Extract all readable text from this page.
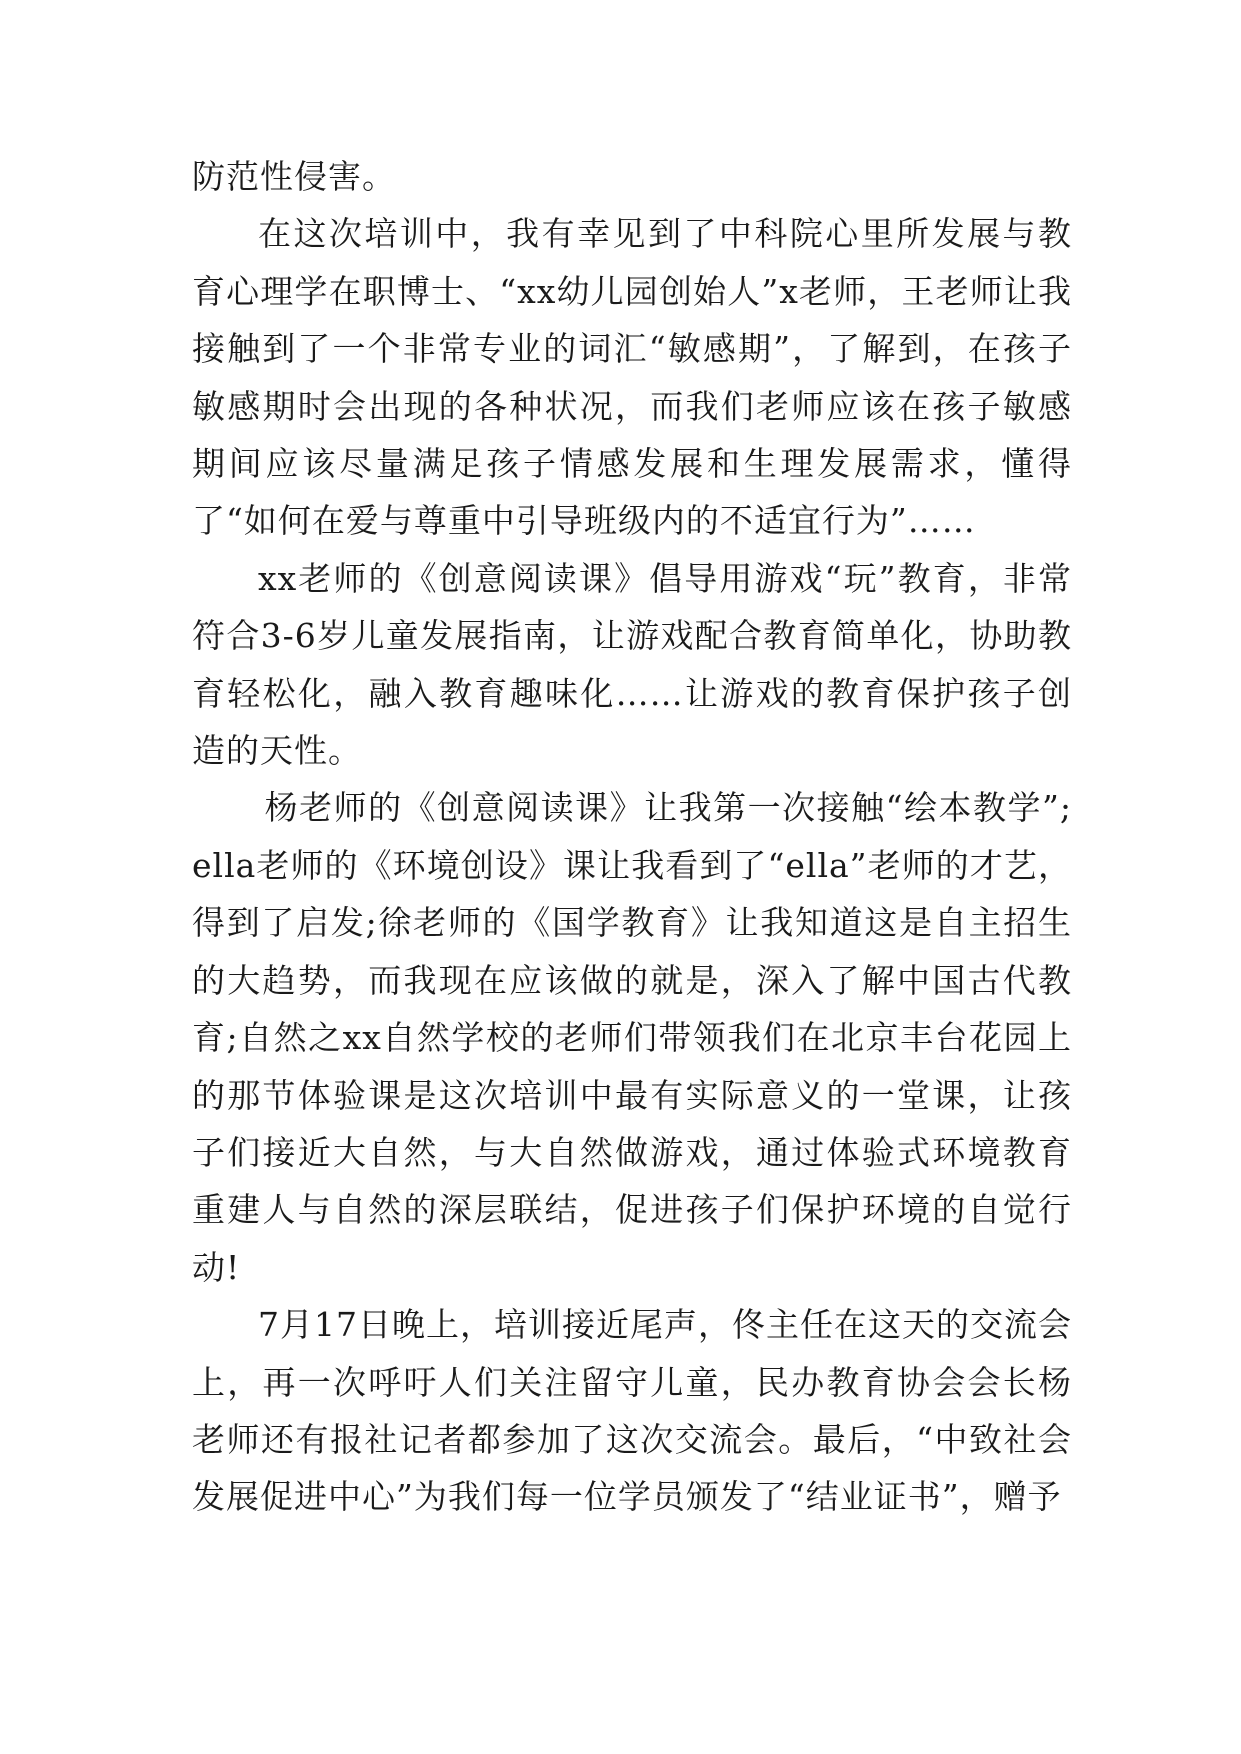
防范性侵害。

在这次培训中，我有幸见到了中科院心里所发展与教育心理学在职博士、“xx幼儿园创始人”x老师，王老师让我接触到了一个非常专业的词汇“敏感期”，了解到，在孩子敏感期时会出现的各种状况，而我们老师应该在孩子敏感期间应该尽量满足孩子情感发展和生理发展需求，懂得了“如何在爱与尊重中引导班级内的不适宜行为”……

xx老师的《创意阅读课》倡导用游戏“玩”教育，非常符合3-6岁儿童发展指南，让游戏配合教育简单化，协助教育轻松化，融入教育趣味化……让游戏的教育保护孩子创造的天性。

杨老师的《创意阅读课》让我第一次接触“绘本教学”;ella老师的《环境创设》课让我看到了“ella”老师的才艺，得到了启发;徐老师的《国学教育》让我知道这是自主招生的大趋势，而我现在应该做的就是，深入了解中国古代教育;自然之xx自然学校的老师们带领我们在北京丰台花园上的那节体验课是这次培训中最有实际意义的一堂课，让孩子们接近大自然，与大自然做游戏，通过体验式环境教育重建人与自然的深层联结，促进孩子们保护环境的自觉行动!

7月17日晚上，培训接近尾声，佟主任在这天的交流会上，再一次呼吁人们关注留守儿童，民办教育协会会长杨老师还有报社记者都参加了这次交流会。最后，“中致社会发展促进中心”为我们每一位学员颁发了“结业证书”，赠予
